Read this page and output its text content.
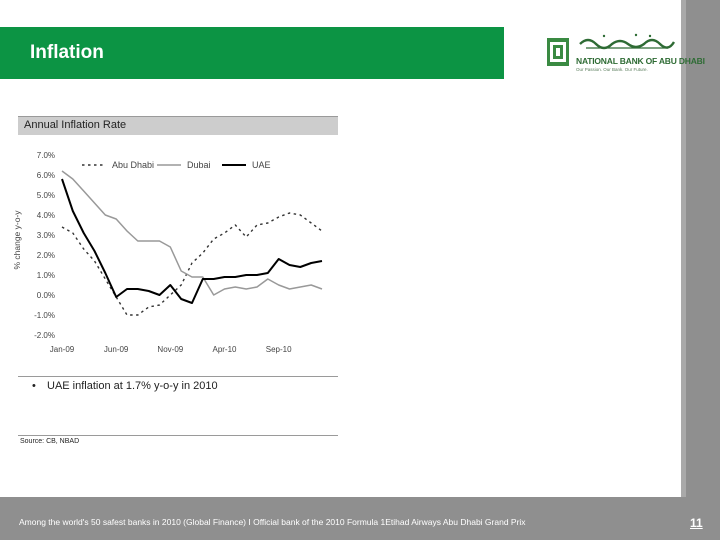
Inflation	NATIONAL BANK OF ABU DHABI
Our Passion. Our Bank. Our Future.
Annual Inflation Rate
-2.0%
-1.0%
0.0%
1.0%
2.0%
3.0%
4.0%
5.0%
6.0%
7.0%
Jan-09	Jun-09	Nov-09	Apr-10	Sep-10
% change y-o-y
Abu Dhabi	Dubai	UAE
• UAE inflation at 1.7% y-o-y in 2010
Source: CB, NBAD
Among the world's 50 safest banks in 2010 (Global Finance) I Official bank of the 2010 Formula 1Etihad Airways Abu Dhabi Grand Prix	11
